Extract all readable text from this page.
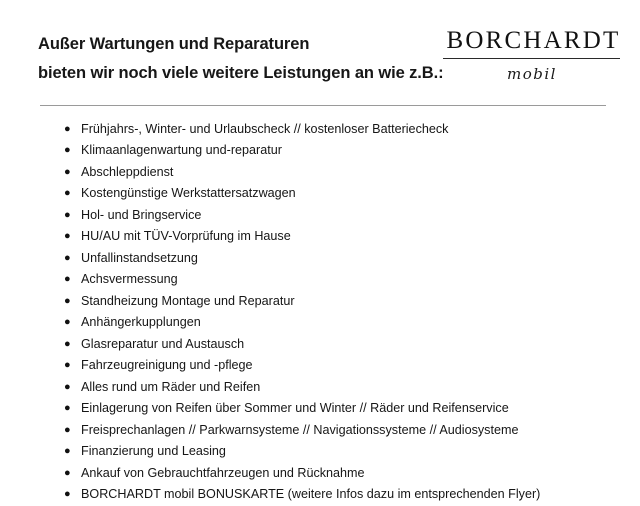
Außer Wartungen und Reparaturen
bieten wir noch viele weitere Leistungen an wie z.B.:
BORCHARDT
mobil
● Frühjahrs-, Winter- und Urlaubscheck // kostenloser Batteriecheck
● Klimaanlagenwartung und-reparatur
● Abschleppdienst
● Kostengünstige Werkstattersatzwagen
● Hol- und Bringservice
● HU/AU mit TÜV-Vorprüfung im Hause
● Unfallinstandsetzung
● Achsvermessung
● Standheizung Montage und Reparatur
● Anhängerkupplungen
● Glasreparatur und Austausch
● Fahrzeugreinigung und -pflege
● Alles rund um Räder und Reifen
● Einlagerung von Reifen über Sommer und Winter // Räder und Reifenservice
● Freisprechanlagen // Parkwarnsysteme // Navigationssysteme // Audiosysteme
● Finanzierung und Leasing
● Ankauf von Gebrauchtfahrzeugen und Rücknahme
● BORCHARDT mobil BONUSKARTE (weitere Infos dazu im entsprechenden Flyer)
